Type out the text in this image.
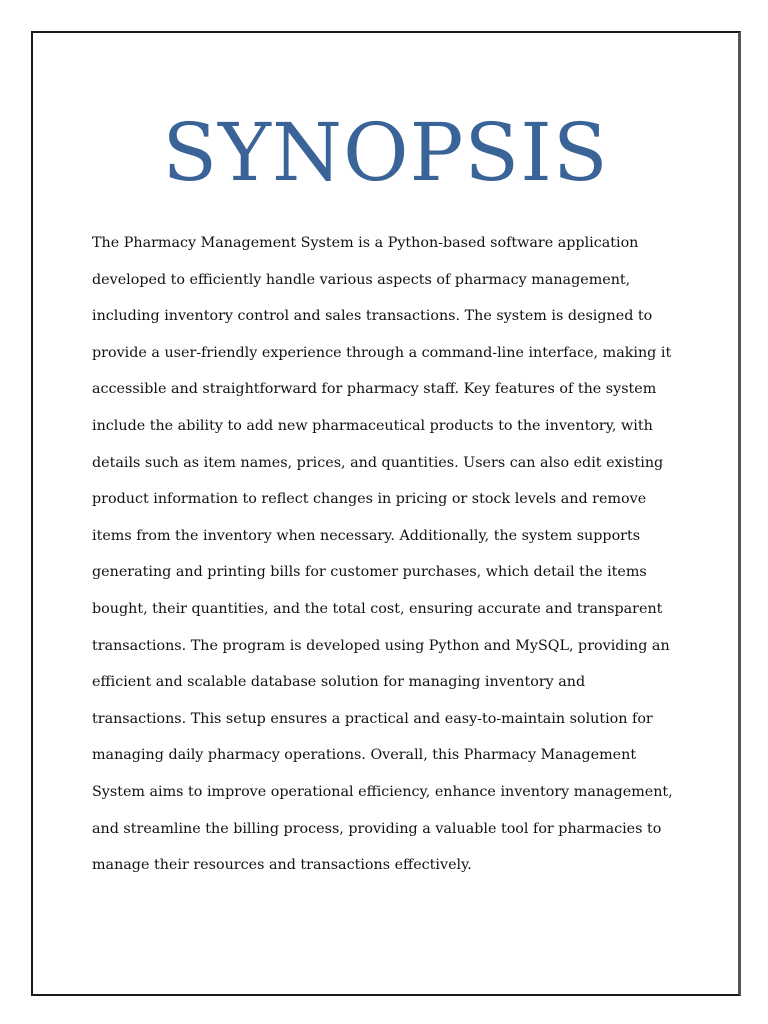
SYNOPSIS
The Pharmacy Management System is a Python-based software application
developed to efficiently handle various aspects of pharmacy management,
including inventory control and sales transactions. The system is designed to
provide a user-friendly experience through a command-line interface, making it
accessible and straightforward for pharmacy staff. Key features of the system
include the ability to add new pharmaceutical products to the inventory, with
details such as item names, prices, and quantities. Users can also edit existing
product information to reflect changes in pricing or stock levels and remove
items from the inventory when necessary. Additionally, the system supports
generating and printing bills for customer purchases, which detail the items
bought, their quantities, and the total cost, ensuring accurate and transparent
transactions. The program is developed using Python and MySQL, providing an
efficient and scalable database solution for managing inventory and
transactions. This setup ensures a practical and easy-to-maintain solution for
managing daily pharmacy operations. Overall, this Pharmacy Management
System aims to improve operational efficiency, enhance inventory management,
and streamline the billing process, providing a valuable tool for pharmacies to
manage their resources and transactions effectively.
